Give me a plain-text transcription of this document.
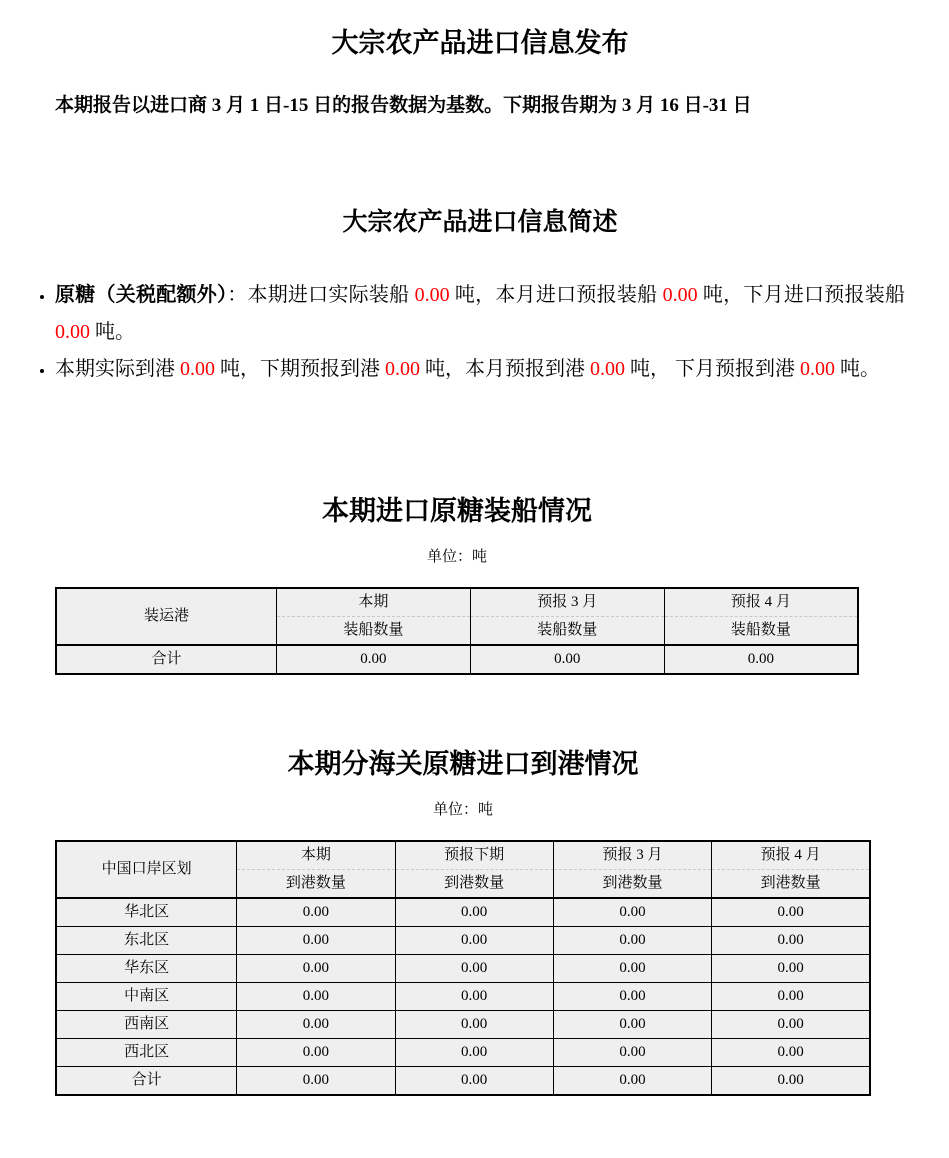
大宗农产品进口信息发布

本期报告以进口商 3 月 1 日-15 日的报告数据为基数。下期报告期为 3 月 16 日-31 日

大宗农产品进口信息简述
• 原糖（关税配额外）：本期进口实际装船 0.00 吨，本月进口预报装船 0.00 吨，下月进口预报装船 0.00 吨。
• 本期实际到港 0.00 吨，下期预报到港 0.00 吨，本月预报到港 0.00 吨， 下月预报到港 0.00 吨。
本期进口原糖装船情况
单位：吨
装运港	本期	预报 3 月	预报 4 月
	装船数量	装船数量	装船数量
合计	0.00	0.00	0.00
本期分海关原糖进口到港情况
单位：吨
中国口岸区划	本期	预报下期	预报 3 月	预报 4 月
	到港数量	到港数量	到港数量	到港数量
华北区	0.00	0.00	0.00	0.00
东北区	0.00	0.00	0.00	0.00
华东区	0.00	0.00	0.00	0.00
中南区	0.00	0.00	0.00	0.00
西南区	0.00	0.00	0.00	0.00
西北区	0.00	0.00	0.00	0.00
合计	0.00	0.00	0.00	0.00
